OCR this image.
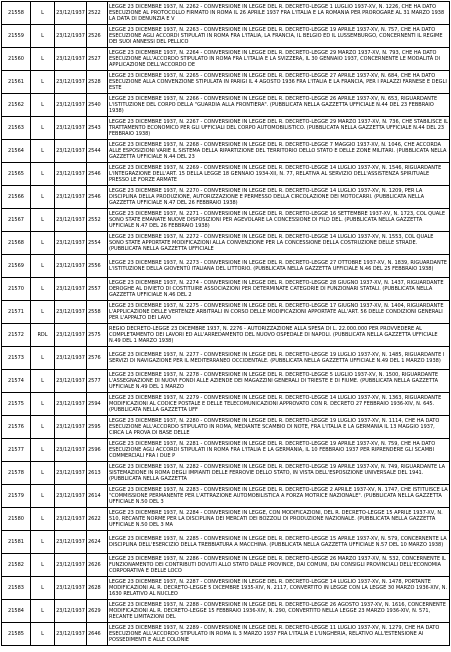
21558	L	23/12/1937	2522	LEGGE 23 DICEMBRE 1937, N. 2262 - CONVERSIONE IN LEGGE DEL R. DECRETO-LEGGE 1 LUGLIO 1937-XV, N. 1226, CHE HA DATO ESECUZIONE AL PROTOCOLLO FIRMATO IN ROMA IL 26 APRILE 1937 FRA L'ITALIA E LA ROMANIA PER PROROGARE AL 31 MARZO 1938 LA DATA DI DENUNZIA E V

21559	L	23/12/1937	2526	LEGGE 23 DICEMBRE 1937, N. 2263 - CONVERSIONE IN LEGGE DEL R. DECRETO-LEGGE 19 APRILE 1937-XV, N. 757, CHE HA DATO ESECUZIONE AGLI ACCORDI STIPULATI IN ROMA FRA L'ITALIA, LA FRANCIA, IL BELGIO ED IL LUSSEMBURGO, CONCERNENTI IL REGIME DEI SUOI ANNESSI DEL PELLICO

21560	L	23/12/1937	2527	LEGGE 23 DICEMBRE 1937, N. 2264 - CONVERSIONE IN LEGGE DEL R. DECRETO-LEGGE 29 MARZO 1937-XV, N. 793, CHE HA DATO ESECUZIONE ALL'ACCORDO STIPULATO IN ROMA FRA L'ITALIA E LA SVIZZERA, IL 30 GENNAIO 1937, CONCERNENTE LE MODALITÀ DI APPLICAZIONE DELL'ACCORDO DE

21561	L	23/12/1937	2528	LEGGE 23 DICEMBRE 1937, N. 2265 - CONVERSIONE IN LEGGE DEL R. DECRETO-LEGGE 27 APRILE 1937-XV, N. 684, CHE HA DATO ESECUZIONE ALLA CONVENZIONE STIPULATA IN PARIGI IL 4 AGOSTO 1936 FRA L'ITALIA E LA FRANCIA, PER I PALAZZI FARNESE E DEGLI ESTE

21562	L	23/12/1937	2540	LEGGE 23 DICEMBRE 1937, N. 2266 - CONVERSIONE IN LEGGE DEL R. DECRETO-LEGGE 26 APRILE 1937-XV, N. 653, RIGUARDANTE L'ISTITUZIONE DEL CORPO DELLA "GUARDIA ALLA FRONTIERA". (PUBBLICATA NELLA GAZZETTA UFFICIALE N.44 DEL 23 FEBBRAIO 1938)

21563	L	23/12/1937	2543	LEGGE 23 DICEMBRE 1937, N. 2267 - CONVERSIONE IN LEGGE DEL R. DECRETO-LEGGE 29 MARZO 1937-XV, N. 736, CHE STABILISCE IL TRATTAMENTO ECONOMICO PER GLI UFFICIALI DEL CORPO AUTOMOBILISTICO. (PUBBLICATA NELLA GAZZETTA UFFICIALE N.44 DEL 23 FEBBRAIO 1938)

21564	L	23/12/1937	2544	LEGGE 23 DICEMBRE 1937, N. 2268 - CONVERSIONE IN LEGGE DEL R. DECRETO-LEGGE 7 MAGGIO 1937-XV, N. 1046, CHE ACCORDA ALLE ESPOSIZIONI VARIE IL SISTEMA DELLA RIPARTIZIONE DEL TERRITORIO DELLO STATO E DELLE ZONE MILITARI. (PUBBLICATA NELLA GAZZETTA UFFICIALE N.44 DEL 23

21565	L	23/12/1937	2546	LEGGE 23 DICEMBRE 1937, N. 2269 - CONVERSIONE IN LEGGE DEL R. DECRETO-LEGGE 14 LUGLIO 1937-XV, N. 1546, RIGUARDANTE L'INTEGRAZIONE DELL'ART. 15 DELLA LEGGE 18 GENNAIO 1934-XII, N. 77, RELATIVA AL SERVIZIO DELL'ASSISTENZA SPIRITUALE PRESSO LE FORZE ARMATE

21566	L	23/12/1937	2546	LEGGE 23 DICEMBRE 1937, N. 2270 - CONVERSIONE IN LEGGE DEL R. DECRETO-LEGGE 14 LUGLIO 1937-XV, N. 1209, PER LA DISCIPLINA DELLA PRODUZIONE, AUTORIZZAZIONE E PERMESSO DELLA CIRCOLAZIONE DEI MOTOCARRI. (PUBBLICATA NELLA GAZZETTA UFFICIALE N.47 DEL 26 FEBBRAIO 1938)

21567	L	23/12/1937	2552	LEGGE 23 DICEMBRE 1937, N. 2271 - CONVERSIONE IN LEGGE DEL R. DECRETO-LEGGE 16 SETTEMBRE 1937-XV, N. 1723, COL QUALE SONO STATE EMANATE NUOVE DISPOSIZIONI PER AGEVOLARE LA CONCESSIONE DI FILO DEL. (PUBBLICATA NELLA GAZZETTA UFFICIALE N.47 DEL 26 FEBBRAIO 1938)

21568	L	23/12/1937	2554	LEGGE 23 DICEMBRE 1937, N. 2272 - CONVERSIONE IN LEGGE DEL R. DECRETO-LEGGE 14 LUGLIO 1937-XV, N. 1553, COL QUALE SONO STATE APPORTATE MODIFICAZIONI ALLA CONVENZIONE PER LA CONCESSIONE DELLA COSTRUZIONE DELLE STRADE. (PUBBLICATA NELLA GAZZETTA UFFICIALE

21569	L	23/12/1937	2556	LEGGE 23 DICEMBRE 1937, N. 2273 - CONVERSIONE IN LEGGE DEL R. DECRETO-LEGGE 27 OTTOBRE 1937-XV, N. 1839, RIGUARDANTE L'ISTITUZIONE DELLA GIOVENTÙ ITALIANA DEL LITTORIO. (PUBBLICATA NELLA GAZZETTA UFFICIALE N.46 DEL 25 FEBBRAIO 1938)

21570	L	23/12/1937	2557	LEGGE 23 DICEMBRE 1937, N. 2274 - CONVERSIONE IN LEGGE DEL R. DECRETO-LEGGE 28 GIUGNO 1937-XV, N. 1437, RIGUARDANTE DEROGHE AL DIVIETO DI COSTITUIRE ASSOCIAZIONI PER DETERMINATE CATEGORIE DI FUNZIONARI STATALI. (PUBBLICATA NELLA GAZZETTA UFFICIALE N.46 DEL 2

21571	L	23/12/1937	2558	LEGGE 23 DICEMBRE 1937, N. 2275 - CONVERSIONE IN LEGGE DEL R. DECRETO-LEGGE 17 GIUGNO 1937-XV, N. 1404, RIGUARDANTE L'APPLICAZIONE DELLE VERTENZE ARBITRALI IN CORSO DELLE MODIFICAZIONI APPORTATE ALL'ART. 56 DELLE CONDIZIONI GENERALI PER L'APPALTO DEI LAVO

21572	RDL	23/12/1937	2575	REGIO DECRETO-LEGGE 23 DICEMBRE 1937, N. 2276 - AUTORIZZAZIONE ALLA SPESA DI L. 22.000.000 PER PROVVEDERE AL COMPLETAMENTO DEI LAVORI ED ALL'ARREDAMENTO DEL NUOVO OSPEDALE DI NAPOLI. (PUBBLICATA NELLA GAZZETTA UFFICIALE N.49 DEL 1 MARZO 1938)

21573	L	23/12/1937	2576	LEGGE 23 DICEMBRE 1937, N. 2277 - CONVERSIONE IN LEGGE DEL R. DECRETO-LEGGE 19 LUGLIO 1937-XV, N. 1485, RIGUARDANTE I SERVIZI DI NAVIGAZIONE PER IL MEDITERRANEO OCCIDENTALE. (PUBBLICATA NELLA GAZZETTA UFFICIALE N.49 DEL 1 MARZO 1938)

21574	L	23/12/1937	2577	LEGGE 23 DICEMBRE 1937, N. 2278 - CONVERSIONE IN LEGGE DEL R. DECRETO-LEGGE 5 LUGLIO 1937-XV, N. 1500, RIGUARDANTE L'ASSEGNAZIONE DI NUOVI FONDI ALLE AZIENDE DEI MAGAZZINI GENERALI DI TRIESTE E DI FIUME. (PUBBLICATA NELLA GAZZETTA UFFICIALE N.49 DEL 1 MARZO

21575	L	23/12/1937	2594	LEGGE 23 DICEMBRE 1937, N. 2279 - CONVERSIONE IN LEGGE DEL R. DECRETO-LEGGE 14 LUGLIO 1937-XV, N. 1363, RIGUARDANTE MODIFICAZIONI AL CODICE POSTALE E DELLE TELECOMUNICAZIONI APPROVATO CON R. DECRETO 27 FEBBRAIO 1936-XIV, N. 645. (PUBBLICATA NELLA GAZZETTA UFF

21576	L	23/12/1937	2595	LEGGE 23 DICEMBRE 1937, N. 2280 - CONVERSIONE IN LEGGE DEL R. DECRETO-LEGGE 19 LUGLIO 1937-XV, N. 1114, CHE HA DATO ESECUZIONE ALL'ACCORDO STIPULATO IN ROMA, MEDIANTE SCAMBIO DI NOTE, FRA L'ITALIA E LA GERMANIA IL 13 MAGGIO 1937, CIRCA LA PROVA DI BASE DELLE

21577	L	23/12/1937	2596	LEGGE 23 DICEMBRE 1937, N. 2281 - CONVERSIONE IN LEGGE DEL R. DECRETO-LEGGE 19 APRILE 1937-XV, N. 759, CHE HA DATO ESECUZIONE AGLI ACCORDI STIPULATI IN ROMA FRA L'ITALIA E LA GERMANIA, IL 10 FEBBRAIO 1937 PER RIPRENDERE GLI SCAMBI COMMERCIALI FRA I DUE P

21578	L	23/12/1937	2613	LEGGE 23 DICEMBRE 1937, N. 2282 - CONVERSIONE IN LEGGE DEL R. DECRETO-LEGGE 19 APRILE 1937-XV, N. 749, RIGUARDANTE LA SISTEMAZIONE IN ROMA DEGLI IMPIANTI DELLE FERROVIE DELLO STATO, IN VISTA DELL'ESPOSIZIONE UNIVERSALE DEL 1941. (PUBBLICATA NELLA GAZZETTA

21579	L	23/12/1937	2614	LEGGE 23 DICEMBRE 1937, N. 2283 - CONVERSIONE IN LEGGE DEL R. DECRETO-LEGGE 2 APRILE 1937-XV, N. 1747, CHE ISTITUISCE LA "COMMISSIONE PERMANENTE PER L'ATTRAZIONE AUTOMOBILISTICA A FORZA MOTRICE NAZIONALE". (PUBBLICATA NELLA GAZZETTA UFFICIALE N.50 DEL 3

21580	L	23/12/1937	2622	LEGGE 23 DICEMBRE 1937, N. 2284 - CONVERSIONE IN LEGGE, CON MODIFICAZIONI, DEL R. DECRETO-LEGGE 15 APRILE 1937-XV, N. 510, RECANTE NORME PER LA DISCIPLINA DEI MERCATI DEI BOZZOLI DI PRODUZIONE NAZIONALE. (PUBBLICATA NELLA GAZZETTA UFFICIALE N.50 DEL 3 MA

21581	L	23/12/1937	2624	LEGGE 23 DICEMBRE 1937, N. 2285 - CONVERSIONE IN LEGGE DEL R. DECRETO-LEGGE 15 APRILE 1937-XV, N. 579, CONCERNENTE LA DISCIPLINA DELL'ESERCIZIO DELLA TREBBIATURA A MACCHINA. (PUBBLICATA NELLA GAZZETTA UFFICIALE N.57 DEL 10 MARZO 1938)

21582	L	23/12/1937	2626	LEGGE 23 DICEMBRE 1937, N. 2286 - CONVERSIONE IN LEGGE DEL R. DECRETO-LEGGE 26 MARZO 1937-XV, N. 532, CONCERNENTE IL FUNZIONAMENTO DEI CONTRIBUTI DOVUTI ALLO STATO DALLE PROVINCE, DAI COMUNI, DAI CONSIGLI PROVINCIALI DELL'ECONOMIA CORPORATIVA E DELLE LOCO

21583	L	23/12/1937	2628	LEGGE 23 DICEMBRE 1937, N. 2287 - CONVERSIONE IN LEGGE DEL R. DECRETO-LEGGE 14 LUGLIO 1937-XV, N. 1478, PORTANTE MODIFICAZIONI AL R. DECRETO-LEGGE 5 DICEMBRE 1935-XIV, N. 2117, CONVERTITO IN LEGGE CON LA LEGGE 30 MARZO 1936-XIV, N. 1630 RELATIVO AL NUCLEO

21584	L	23/12/1937	2629	LEGGE 23 DICEMBRE 1937, N. 2288 - CONVERSIONE IN LEGGE DEL R. DECRETO-LEGGE 26 AGOSTO 1937-XV, N. 1616, CONCERNENTE MODIFICAZIONI AL R. DECRETO-LEGGE 15 FEBBRAIO 1936-XIV, N. 290, CONVERTITO NELLA LEGGE 23 MARZO 1936-XIV, N. 571, RECANTE LIMITAZIONI DEL

21585	L	23/12/1937	2646	LEGGE 23 DICEMBRE 1937, N. 2289 - CONVERSIONE IN LEGGE DEL R. DECRETO-LEGGE 11 LUGLIO 1937-XV, N. 1279, CHE HA DATO ESECUZIONE ALL'ACCORDO STIPULATO IN ROMA IL 3 MARZO 1937 FRA L'ITALIA E L'UNGHERIA, RELATIVO ALL'ESTENSIONE AI POSSEDIMENTI E ALLE COLONIE
